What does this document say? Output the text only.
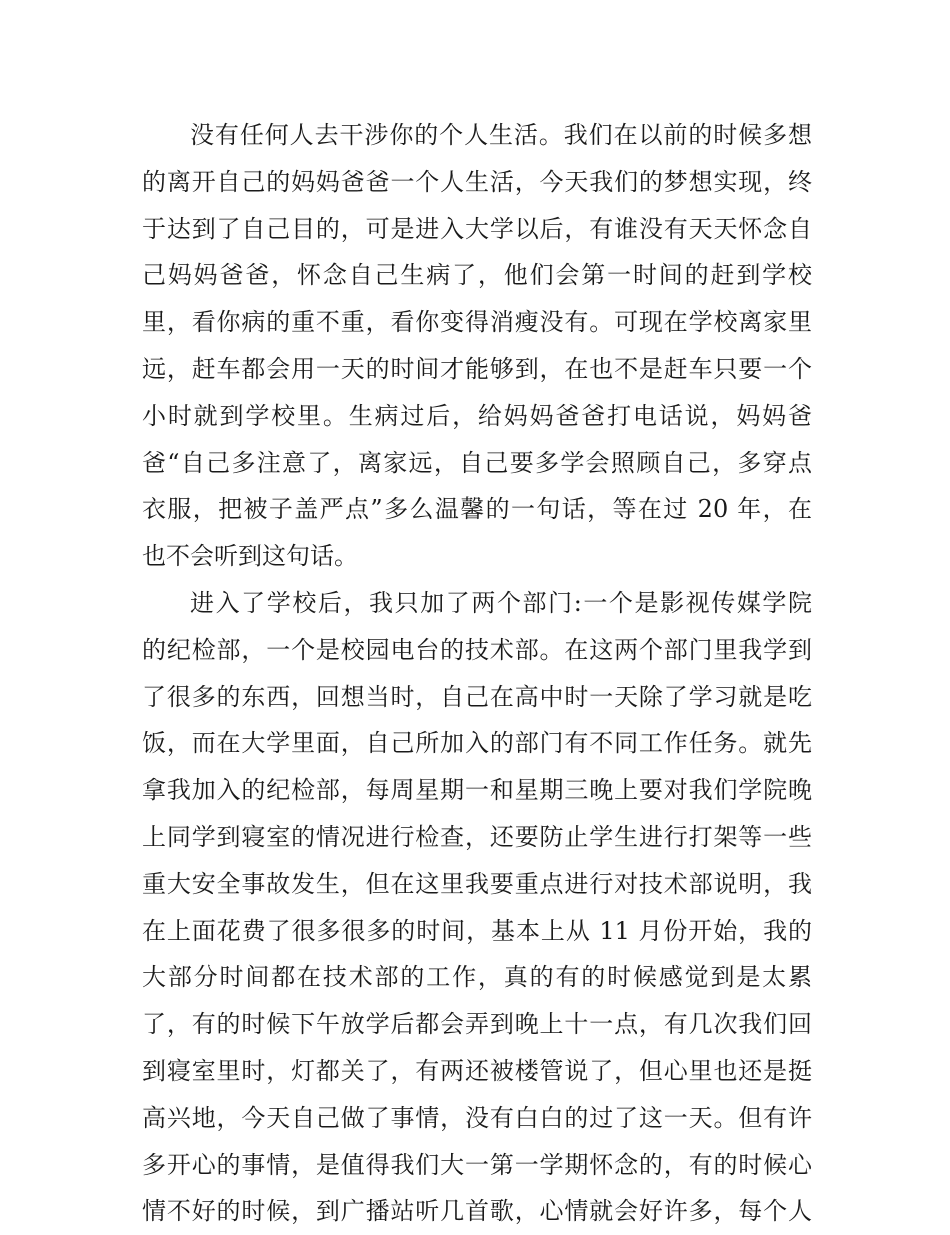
没有任何人去干涉你的个人生活。我们在以前的时候多想
的离开自己的妈妈爸爸一个人生活，今天我们的梦想实现，终
于达到了自己目的，可是进入大学以后，有谁没有天天怀念自
己妈妈爸爸，怀念自己生病了，他们会第一时间的赶到学校
里，看你病的重不重，看你变得消瘦没有。可现在学校离家里
远，赶车都会用一天的时间才能够到，在也不是赶车只要一个
小时就到学校里。生病过后，给妈妈爸爸打电话说，妈妈爸
爸“自己多注意了，离家远，自己要多学会照顾自己，多穿点
衣服，把被子盖严点”多么温馨的一句话，等在过 20 年，在
也不会听到这句话。
进入了学校后，我只加了两个部门:一个是影视传媒学院
的纪检部，一个是校园电台的技术部。在这两个部门里我学到
了很多的东西，回想当时，自己在高中时一天除了学习就是吃
饭，而在大学里面，自己所加入的部门有不同工作任务。就先
拿我加入的纪检部，每周星期一和星期三晚上要对我们学院晚
上同学到寝室的情况进行检查，还要防止学生进行打架等一些
重大安全事故发生，但在这里我要重点进行对技术部说明，我
在上面花费了很多很多的时间，基本上从 11 月份开始，我的
大部分时间都在技术部的工作，真的有的时候感觉到是太累
了，有的时候下午放学后都会弄到晚上十一点，有几次我们回
到寝室里时，灯都关了，有两还被楼管说了，但心里也还是挺
高兴地，今天自己做了事情，没有白白的过了这一天。但有许
多开心的事情，是值得我们大一第一学期怀念的，有的时候心
情不好的时候，到广播站听几首歌，心情就会好许多，每个人
